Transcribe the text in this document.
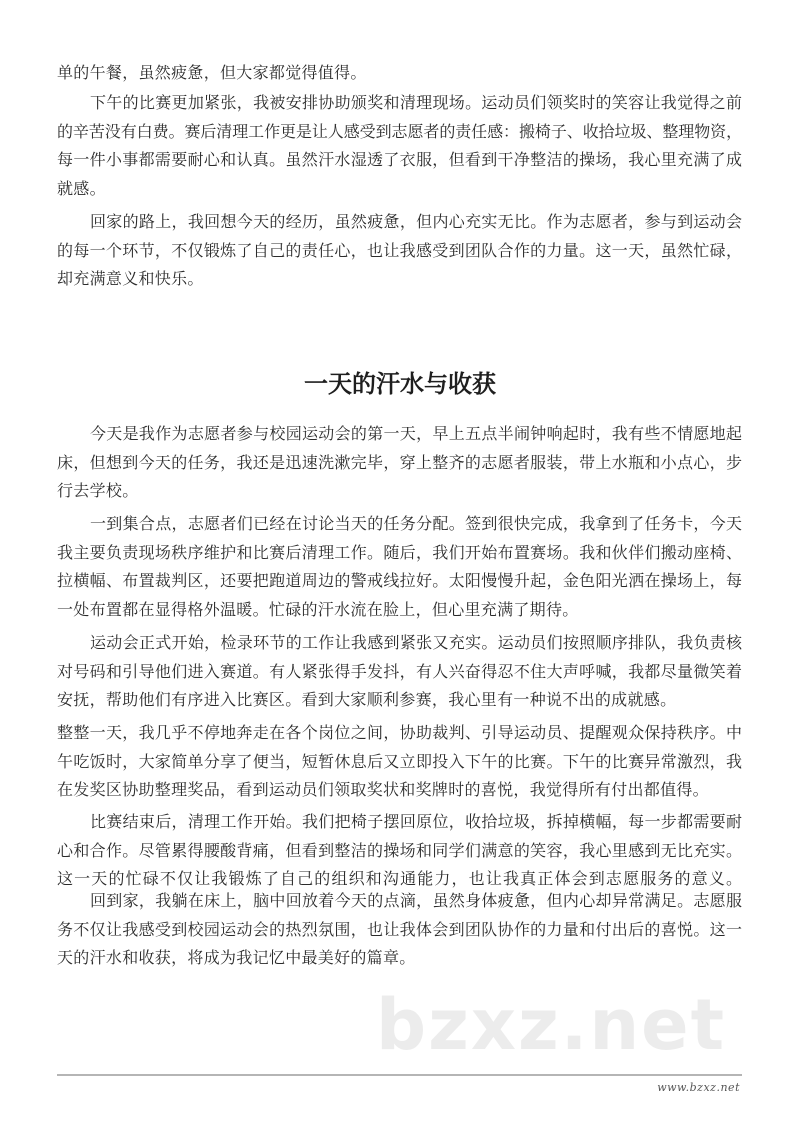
单的午餐，虽然疲惫，但大家都觉得值得。
下午的比赛更加紧张，我被安排协助颁奖和清理现场。运动员们领奖时的笑容让我觉得之前
的辛苦没有白费。赛后清理工作更是让人感受到志愿者的责任感：搬椅子、收拾垃圾、整理物资，
每一件小事都需要耐心和认真。虽然汗水湿透了衣服，但看到干净整洁的操场，我心里充满了成
就感。
回家的路上，我回想今天的经历，虽然疲惫，但内心充实无比。作为志愿者，参与到运动会
的每一个环节，不仅锻炼了自己的责任心，也让我感受到团队合作的力量。这一天，虽然忙碌，
却充满意义和快乐。
一天的汗水与收获
今天是我作为志愿者参与校园运动会的第一天，早上五点半闹钟响起时，我有些不情愿地起
床，但想到今天的任务，我还是迅速洗漱完毕，穿上整齐的志愿者服装，带上水瓶和小点心，步
行去学校。
一到集合点，志愿者们已经在讨论当天的任务分配。签到很快完成，我拿到了任务卡，今天
我主要负责现场秩序维护和比赛后清理工作。随后，我们开始布置赛场。我和伙伴们搬动座椅、
拉横幅、布置裁判区，还要把跑道周边的警戒线拉好。太阳慢慢升起，金色阳光洒在操场上，每
一处布置都在显得格外温暖。忙碌的汗水流在脸上，但心里充满了期待。
运动会正式开始，检录环节的工作让我感到紧张又充实。运动员们按照顺序排队，我负责核
对号码和引导他们进入赛道。有人紧张得手发抖，有人兴奋得忍不住大声呼喊，我都尽量微笑着
安抚，帮助他们有序进入比赛区。看到大家顺利参赛，我心里有一种说不出的成就感。
整整一天，我几乎不停地奔走在各个岗位之间，协助裁判、引导运动员、提醒观众保持秩序。中
午吃饭时，大家简单分享了便当，短暂休息后又立即投入下午的比赛。下午的比赛异常激烈，我
在发奖区协助整理奖品，看到运动员们领取奖状和奖牌时的喜悦，我觉得所有付出都值得。
比赛结束后，清理工作开始。我们把椅子摆回原位，收拾垃圾，拆掉横幅，每一步都需要耐
心和合作。尽管累得腰酸背痛，但看到整洁的操场和同学们满意的笑容，我心里感到无比充实。
这一天的忙碌不仅让我锻炼了自己的组织和沟通能力，也让我真正体会到志愿服务的意义。
回到家，我躺在床上，脑中回放着今天的点滴，虽然身体疲惫，但内心却异常满足。志愿服
务不仅让我感受到校园运动会的热烈氛围，也让我体会到团队协作的力量和付出后的喜悦。这一
天的汗水和收获，将成为我记忆中最美好的篇章。
bzxz.net
www.bzxz.net
